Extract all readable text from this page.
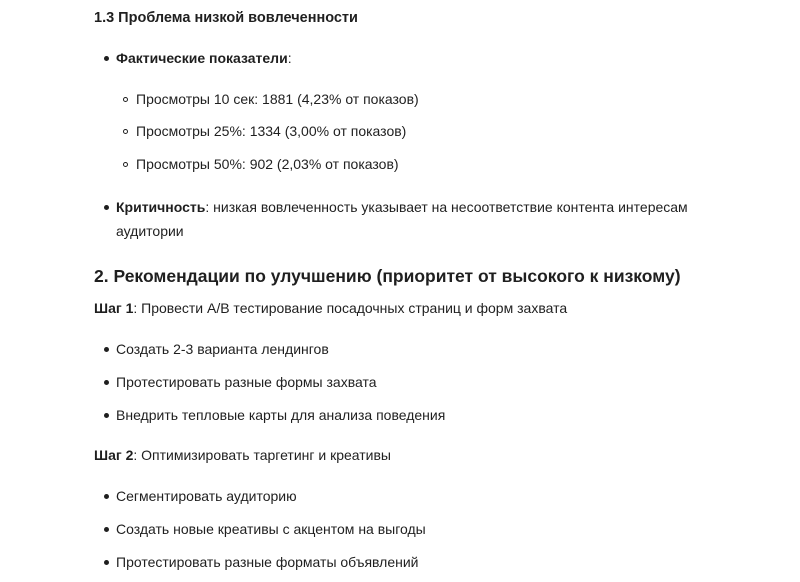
1.3 Проблема низкой вовлеченности
Фактические показатели:
Просмотры 10 сек: 1881 (4,23% от показов)
Просмотры 25%: 1334 (3,00% от показов)
Просмотры 50%: 902 (2,03% от показов)
Критичность: низкая вовлеченность указывает на несоответствие контента интересам
аудитории
2. Рекомендации по улучшению (приоритет от высокого к низкому)
Шаг 1: Провести A/B тестирование посадочных страниц и форм захвата
Создать 2-3 варианта лендингов
Протестировать разные формы захвата
Внедрить тепловые карты для анализа поведения
Шаг 2: Оптимизировать таргетинг и креативы
Сегментировать аудиторию
Создать новые креативы с акцентом на выгоды
Протестировать разные форматы объявлений
